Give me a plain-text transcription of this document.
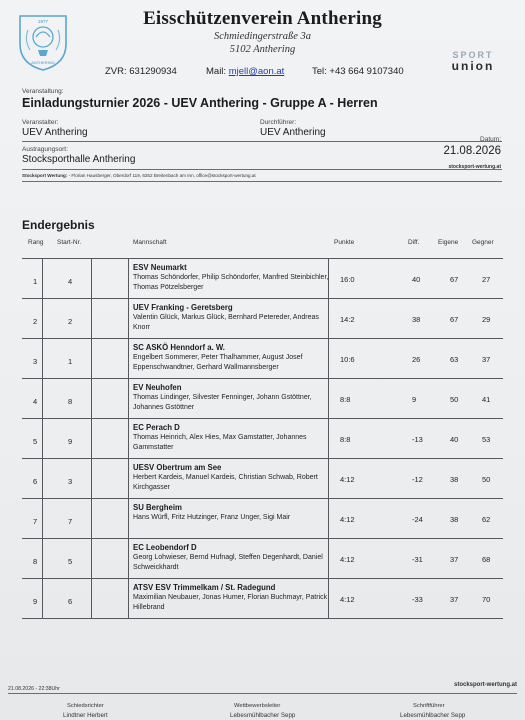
1977
ANTHERING
Eisschützenverein Anthering
Schmiedingerstraße 3a
5102 Anthering	SPORT
union
ZVR: 631290934	Mail: mjell@aon.at	Tel: +43 664 9107340
Veranstaltung:
Einladungsturnier 2026 - UEV Anthering - Gruppe A - Herren
Veranstalter:
UEV Anthering
Durchführer:
UEV Anthering
Austragungsort:
Stocksporthalle Anthering
Datum:
21.08.2026
stocksport-wertung.at
Stocksport Wertung: - Florian Hausberger, Oberdorf 119, 6252 Breitenbach am Inn, office@stocksport-wertung.at
Endergebnis
Rang Start-Nr.	Mannschaft	Punkte	Diff.	Eigene Gegner
21.08.2026 - 22:38Uhr
stocksport-wertung.at
Schiedsrichter
Lindtner Herbert
Wettbewerbsleiter
Lebesmühlbacher Sepp
Schriftführer
Lebesmühlbacher Sepp
1	4
ESV Neumarkt
Thomas Schöndorfer, Philip Schöndorfer, Manfred Steinbichler, Thomas Pötzelsberger
16:0	40	67	27
2	2
UEV Franking - Geretsberg
Valentin Glück, Markus Glück, Bernhard Petereder, Andreas Knorr
14:2	38	67	29
3	1
SC ASKÖ Henndorf a. W.
Engelbert Sommerer, Peter Thalhammer, August Josef Eppenschwandtner, Gerhard Wallmannsberger
10:6	26	63	37
4	8
EV Neuhofen
Thomas Lindinger, Silvester Fenninger, Johann Gstöttner, Johannes Gstöttner
8:8	9	50	41
5	9
EC Perach D
Thomas Heinrich, Alex Hies, Max Gamstatter, Johannes Gammstatter
8:8	-13	40	53
6	3
UESV Obertrum am See
Herbert Kardeis, Manuel Kardeis, Christian Schwab, Robert Kirchgasser
4:12	-12	38	50
7	7
SU Bergheim
Hans Würfl, Fritz Hutzinger, Franz Unger, Sigi Mair	4:12	-24	38	62
8	5
EC Leobendorf D
Georg Lohwieser, Bernd Hufnagl, Steffen Degenhardt, Daniel Schweickhardt
4:12	-31	37	68
9	6
ATSV ESV Trimmelkam / St. Radegund
Maximilian Neubauer, Jonas Humer, Florian Buchmayr, Patrick Hillebrand
4:12	-33	37	70
